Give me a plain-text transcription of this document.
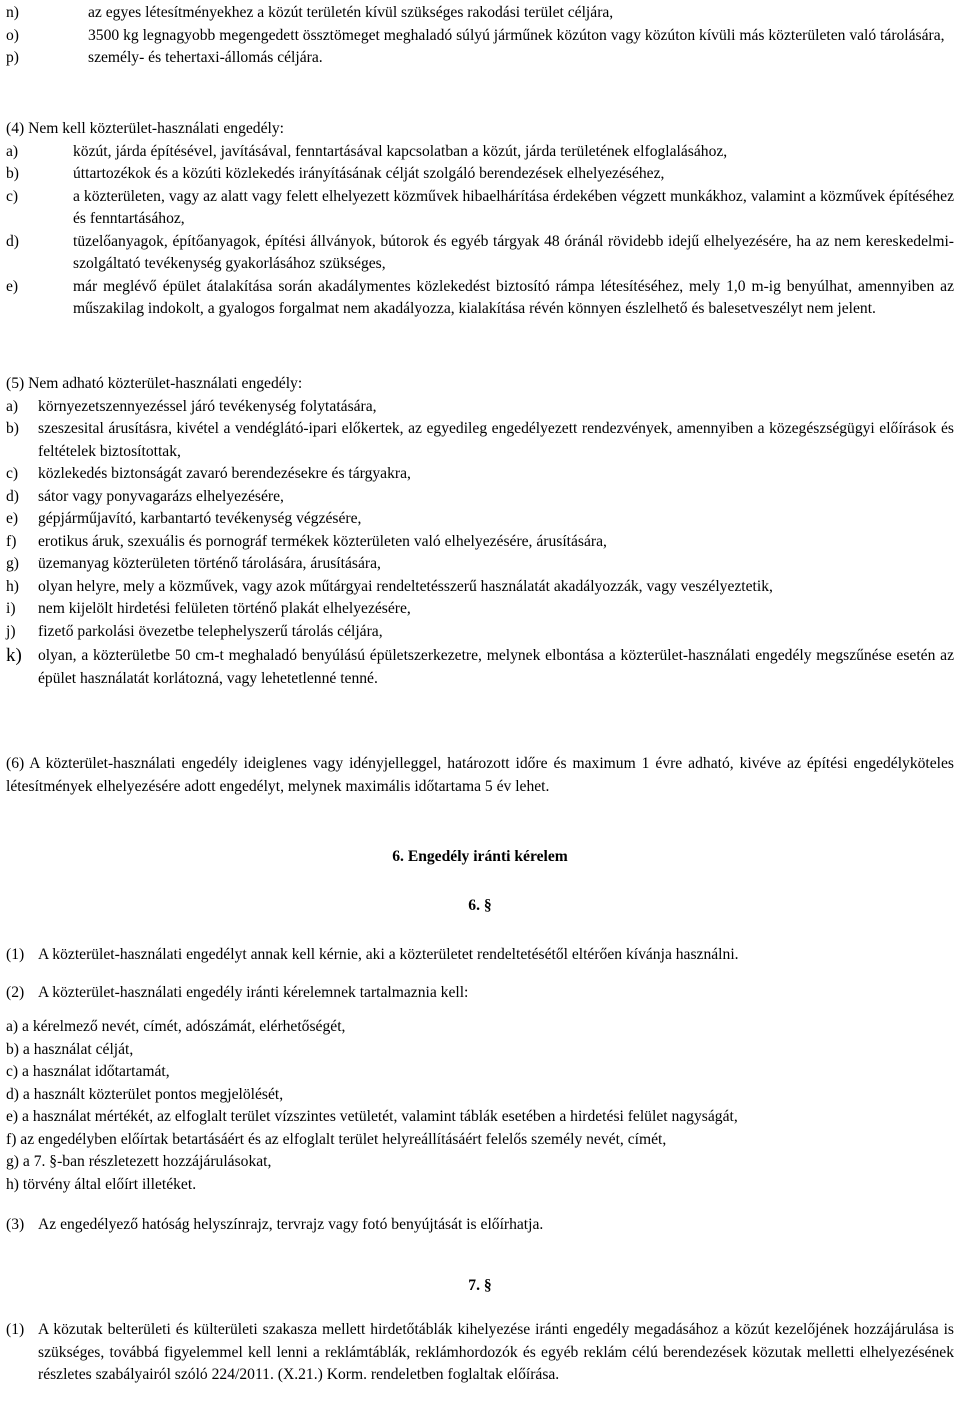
n)	az egyes létesítményekhez a közút területén kívül szükséges rakodási terület céljára,
o)	3500 kg legnagyobb megengedett össztömeget meghaladó súlyú járműnek közúton vagy közúton kívüli más közterületen való tárolására,
p)	személy- és tehertaxi-állomás céljára.

(4) Nem kell közterület-használati engedély:

a)	közút, járda építésével, javításával, fenntartásával kapcsolatban a közút, járda területének elfoglalásához,
b)	úttartozékok és a közúti közlekedés irányításának célját szolgáló berendezések elhelyezéséhez,
c)	a közterületen, vagy az alatt vagy felett elhelyezett közművek hibaelhárítása érdekében végzett munkákhoz, valamint a közművek építéséhez és fenntartásához,
d)	tüzelőanyagok, építőanyagok, építési állványok, bútorok és egyéb tárgyak 48 óránál rövidebb idejű elhelyezésére, ha az nem kereskedelmi-szolgáltató tevékenység gyakorlásához szükséges,
e)	már meglévő épület átalakítása során akadálymentes közlekedést biztosító rámpa létesítéséhez, mely 1,0 m-ig benyúlhat, amennyiben az műszakilag indokolt, a gyalogos forgalmat nem akadályozza, kialakítása révén könnyen észlelhető és balesetveszélyt nem jelent.

(5) Nem adható közterület-használati engedély:

a)	környezetszennyezéssel járó tevékenység folytatására,
b)	szeszesital árusításra, kivétel a vendéglátó-ipari előkertek, az egyedileg engedélyezett rendezvények, amennyiben a közegészségügyi előírások és feltételek biztosítottak,
c)	közlekedés biztonságát zavaró berendezésekre és tárgyakra,
d)	sátor vagy ponyvagarázs elhelyezésére,
e)	gépjárműjavító, karbantartó tevékenység végzésére,
f)	erotikus áruk, szexuális és pornográf termékek közterületen való elhelyezésére, árusítására,
g)	üzemanyag közterületen történő tárolására, árusítására,
h)	olyan helyre, mely a közművek, vagy azok műtárgyai rendeltetésszerű használatát akadályozzák, vagy veszélyeztetik,
i)	nem kijelölt hirdetési felületen történő plakát elhelyezésére,
j)	fizető parkolási övezetbe telephelyszerű tárolás céljára,
k)	olyan, a közterületbe 50 cm-t meghaladó benyúlású épületszerkezetre, melynek elbontása a közterület-használati engedély megszűnése esetén az épület használatát korlátozná, vagy lehetetlenné tenné.

(6) A közterület-használati engedély ideiglenes vagy idényjelleggel, határozott időre és maximum 1 évre adható, kivéve az építési engedélyköteles létesítmények elhelyezésére adott engedélyt, melynek maximális időtartama 5 év lehet.

6. Engedély iránti kérelem

6. §

(1) A közterület-használati engedélyt annak kell kérnie, aki a közterületet rendeltetésétől eltérően kívánja használni.
(2) A közterület-használati engedély iránti kérelemnek tartalmaznia kell:

a) a kérelmező nevét, címét, adószámát, elérhetőségét,

b) a használat célját,

c) a használat időtartamát,

d) a használt közterület pontos megjelölését,

e) a használat mértékét, az elfoglalt terület vízszintes vetületét, valamint táblák esetében a hirdetési felület nagyságát,

f) az engedélyben előírtak betartásáért és az elfoglalt terület helyreállításáért felelős személy nevét, címét,

g) a 7. §-ban részletezett hozzájárulásokat,

h) törvény által előírt illetéket.

(3) Az engedélyező hatóság helyszínrajz, tervrajz vagy fotó benyújtását is előírhatja.

7. §

(1) A közutak belterületi és külterületi szakasza mellett hirdetőtáblák kihelyezése iránti engedély megadásához a közút kezelőjének hozzájárulása is szükséges, továbbá figyelemmel kell lenni a reklámtáblák, reklámhordozók és egyéb reklám célú berendezések közutak melletti elhelyezésének részletes szabályairól szóló 224/2011. (X.21.) Korm. rendeletben foglaltak előírása.
